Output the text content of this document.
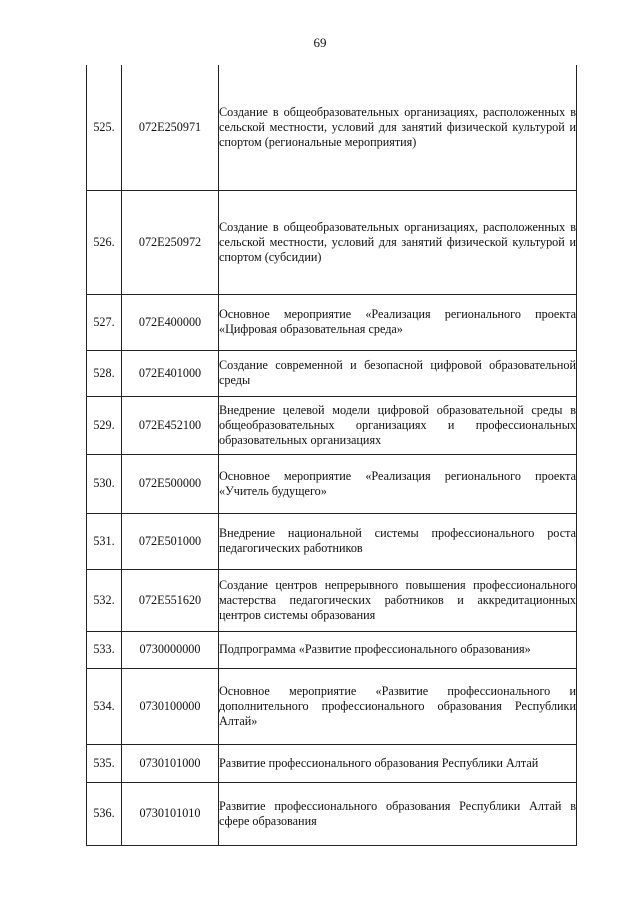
69
525.	072E250971	Создание в общеобразовательных организациях, расположенных в сельской местности, условий для занятий физической культурой и спортом (региональные мероприятия)
526.	072E250972	Создание в общеобразовательных организациях, расположенных в сельской местности, условий для занятий физической культурой и спортом (субсидии)
527.	072E400000	Основное мероприятие «Реализация регионального проекта «Цифровая образовательная среда»
528.	072E401000	Создание современной и безопасной цифровой образовательной среды
529.	072E452100	Внедрение целевой модели цифровой образовательной среды в общеобразовательных организациях и профессиональных образовательных организациях
530.	072E500000	Основное мероприятие «Реализация регионального проекта «Учитель будущего»
531.	072E501000	Внедрение национальной системы профессионального роста педагогических работников
532.	072E551620	Создание центров непрерывного повышения профессионального мастерства педагогических работников и аккредитационных центров системы образования
533.	0730000000	Подпрограмма «Развитие профессионального образования»
534.	0730100000	Основное мероприятие «Развитие профессионального и дополнительного профессионального образования Республики Алтай»
535.	0730101000	Развитие профессионального образования Республики Алтай
536.	0730101010	Развитие профессионального образования Республики Алтай в сфере образования
